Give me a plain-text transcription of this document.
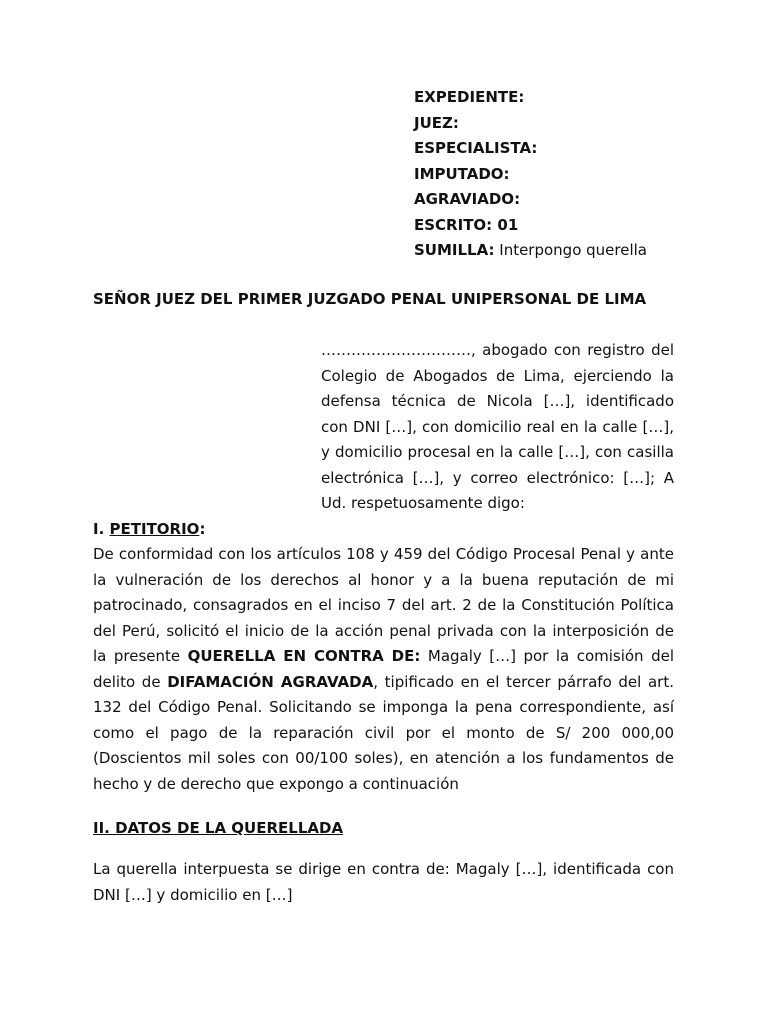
EXPEDIENTE:
JUEZ:
ESPECIALISTA:
IMPUTADO:
AGRAVIADO:
ESCRITO: 01
SUMILLA: Interpongo querella
SEÑOR JUEZ DEL PRIMER JUZGADO PENAL UNIPERSONAL DE LIMA
…………………………, abogado con registro del Colegio de Abogados de Lima, ejerciendo la defensa técnica de Nicola […], identificado con DNI […], con domicilio real en la calle […], y domicilio procesal en la calle […], con casilla electrónica […], y correo electrónico: […]; A Ud. respetuosamente digo:
I. PETITORIO:
De conformidad con los artículos 108 y 459 del Código Procesal Penal y ante la vulneración de los derechos al honor y a la buena reputación de mi patrocinado, consagrados en el inciso 7 del art. 2 de la Constitución Política del Perú, solicitó el inicio de la acción penal privada con la interposición de la presente QUERELLA EN CONTRA DE: Magaly […] por la comisión del delito de DIFAMACIÓN AGRAVADA, tipificado en el tercer párrafo del art. 132 del Código Penal. Solicitando se imponga la pena correspondiente, así como el pago de la reparación civil por el monto de S/ 200 000,00 (Doscientos mil soles con 00/100 soles), en atención a los fundamentos de hecho y de derecho que expongo a continuación
II. DATOS DE LA QUERELLADA
La querella interpuesta se dirige en contra de: Magaly […], identificada con DNI […] y domicilio en […]
